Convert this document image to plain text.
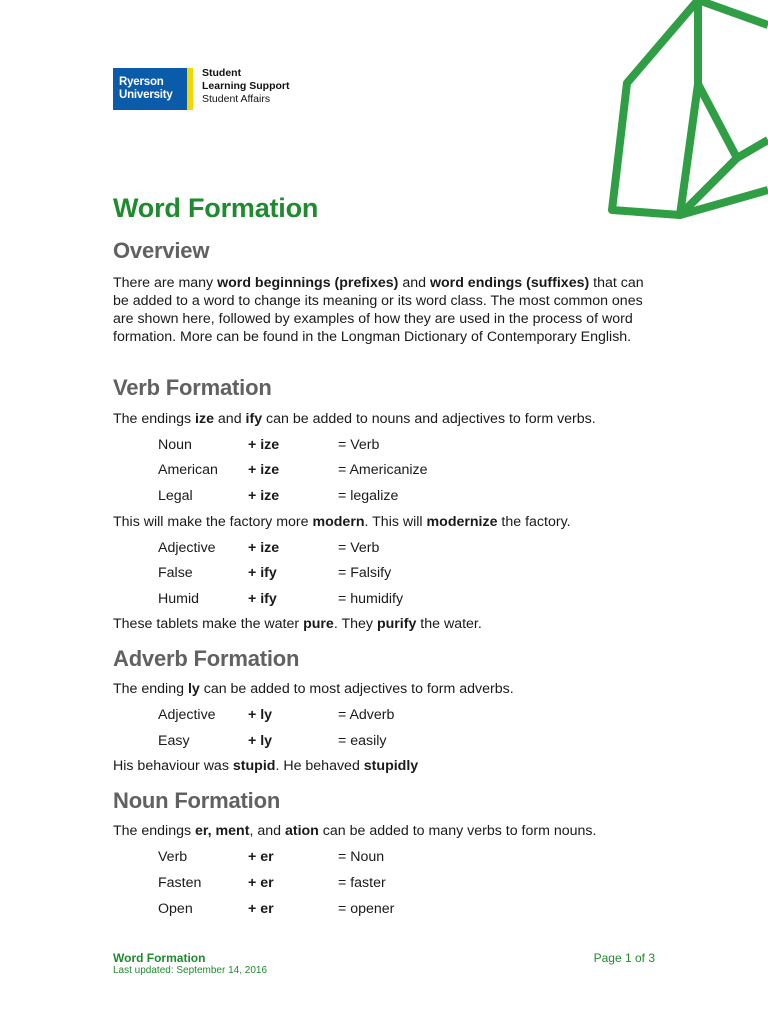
Ryerson
University
Student
Learning Support
Student Affairs
Word Formation
Overview

There are many word beginnings (prefixes) and word endings (suffixes) that can be added to a word to change its meaning or its word class. The most common ones are shown here, followed by examples of how they are used in the process of word formation. More can be found in the Longman Dictionary of Contemporary English.

Verb Formation

The endings ize and ify can be added to nouns and adjectives to form verbs.

Noun	+ ize	= Verb
American + ize	= Americanize
Legal	+ ize	= legalize

This will make the factory more modern. This will modernize the factory.

Adjective + ize	= Verb
False	+ ify	= Falsify
Humid	+ ify	= humidify

These tablets make the water pure. They purify the water.

Adverb Formation

The ending ly can be added to most adjectives to form adverbs.

Adjective + ly	= Adverb
Easy	+ ly	= easily

His behaviour was stupid. He behaved stupidly

Noun Formation

The endings er, ment, and ation can be added to many verbs to form nouns.

Verb	+ er	= Noun
Fasten	+ er	= faster
Open	+ er	= opener
Word Formation
Last updated: September 14, 2016
Page 1 of 3
